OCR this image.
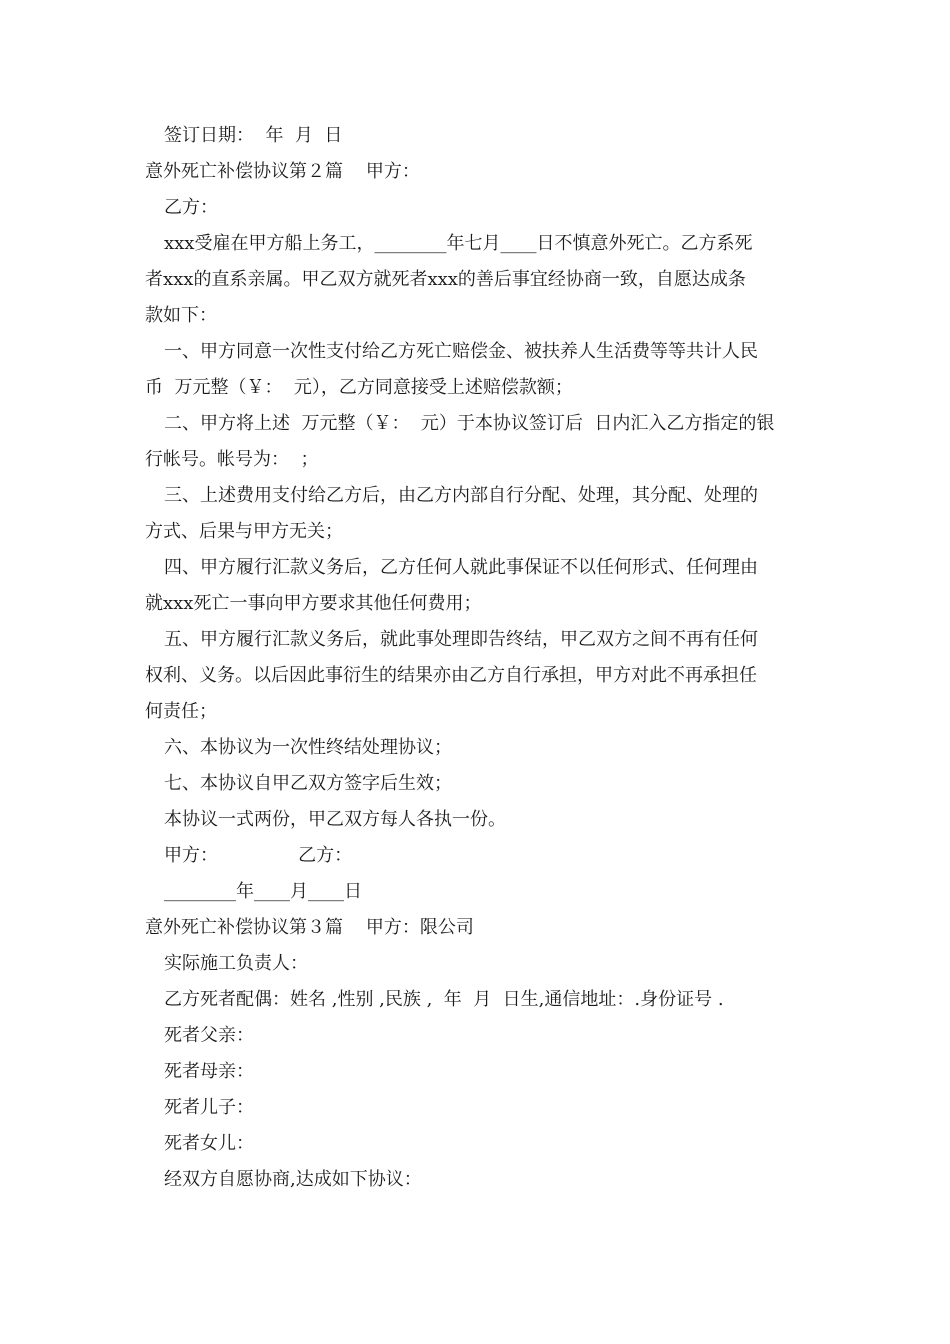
签订日期：  年  月  日

意外死亡补偿协议第２篇    甲方：

乙方：

xxx受雇在甲方船上务工，________年七月____日不慎意外死亡。乙方系死

者xxx的直系亲属。甲乙双方就死者xxx的善后事宜经协商一致，自愿达成条

款如下：

一、甲方同意一次性支付给乙方死亡赔偿金、被扶养人生活费等等共计人民

币  万元整（￥：  元），乙方同意接受上述赔偿款额；

二、甲方将上述  万元整（￥：  元）于本协议签订后  日内汇入乙方指定的银

行帐号。帐号为：  ；

三、上述费用支付给乙方后，由乙方内部自行分配、处理，其分配、处理的

方式、后果与甲方无关；

四、甲方履行汇款义务后，乙方任何人就此事保证不以任何形式、任何理由

就xxx死亡一事向甲方要求其他任何费用；

五、甲方履行汇款义务后，就此事处理即告终结，甲乙双方之间不再有任何

权利、义务。以后因此事衍生的结果亦由乙方自行承担，甲方对此不再承担任

何责任；

六、本协议为一次性终结处理协议；

七、本协议自甲乙双方签字后生效；

本协议一式两份，甲乙双方每人各执一份。

甲方：              乙方：

________年____月____日

意外死亡补偿协议第３篇    甲方：限公司

实际施工负责人：

乙方死者配偶：姓名 ,性别 ,民族 ,  年  月  日生,通信地址：.身份证号 .

死者父亲：

死者母亲：

死者儿子：

死者女儿：

经双方自愿协商,达成如下协议：
